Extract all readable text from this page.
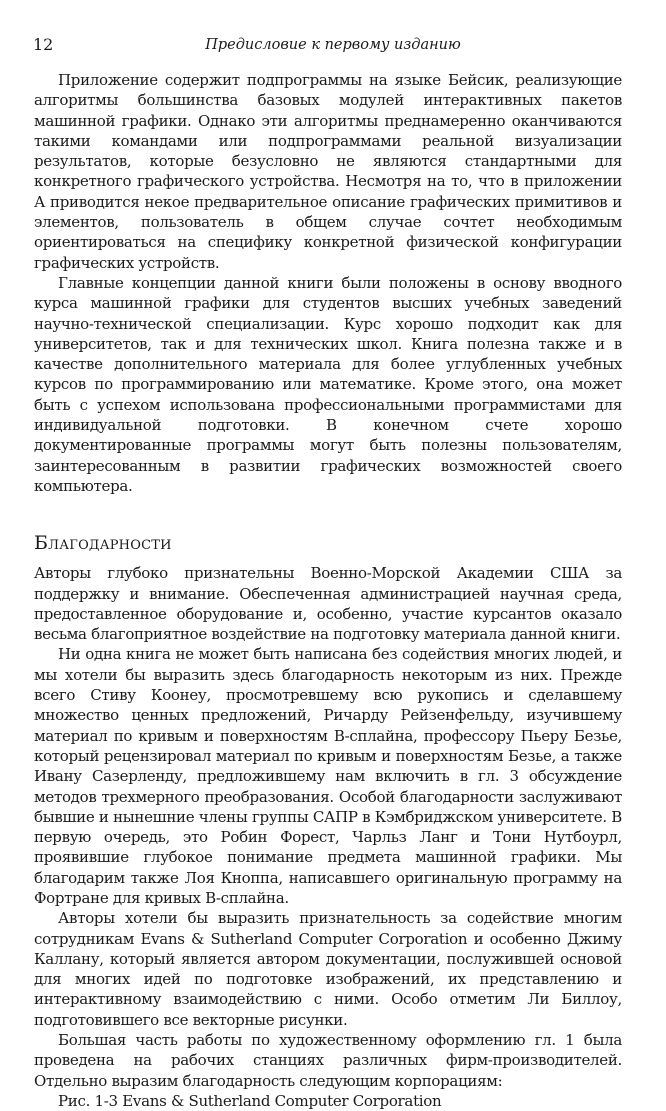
12	Предисловие к первому изданию

Приложение содержит подпрограммы на языке Бейсик, реализующие алгоритмы большинства базовых модулей интерактивных пакетов машинной графики. Однако эти алгоритмы преднамеренно оканчиваются такими командами или подпрограммами реальной визуализации результатов, которые безусловно не являются стандартными для конкретного графического устройства. Несмотря на то, что в приложении А приводится некое предварительное описание графических примитивов и элементов, пользователь в общем случае сочтет необходимым ориентироваться на специфику конкретной физической конфигурации графических устройств.

Главные концепции данной книги были положены в основу вводного курса машинной графики для студентов высших учебных заведений научно-технической специализации. Курс хорошо подходит как для университетов, так и для технических школ. Книга полезна также и в качестве дополнительного материала для более углубленных учебных курсов по программированию или математике. Кроме этого, она может быть с успехом использована профессиональными программистами для индивидуальной подготовки. В конечном счете хорошо документированные программы могут быть полезны пользователям, заинтересованным в развитии графических возможностей своего компьютера.

Благодарности

Авторы глубоко признательны Военно-Морской Академии США за поддержку и внимание. Обеспеченная администрацией научная среда, предоставленное оборудование и, особенно, участие курсантов оказало весьма благоприятное воздействие на подготовку материала данной книги.

Ни одна книга не может быть написана без содействия многих людей, и мы хотели бы выразить здесь благодарность некоторым из них. Прежде всего Стиву Коонеу, просмотревшему всю рукопись и сделавшему множество ценных предложений, Ричарду Рейзенфельду, изучившему материал по кривым и поверхностям В-сплайна, профессору Пьеру Безье, который рецензировал материал по кривым и поверхностям Безье, а также Ивану Сазерленду, предложившему нам включить в гл. 3 обсуждение методов трехмерного преобразования. Особой благодарности заслуживают бывшие и нынешние члены группы САПР в Кэмбриджском университете. В первую очередь, это Робин Форест, Чарльз Ланг и Тони Нутбоурл, проявившие глубокое понимание предмета машинной графики. Мы благодарим также Лоя Кноппа, написавшего оригинальную программу на Фортране для кривых В-сплайна.

Авторы хотели бы выразить признательность за содействие многим сотрудникам Evans & Sutherland Computer Corporation и особенно Джиму Каллану, который является автором документации, послужившей основой для многих идей по подготовке изображений, их представлению и интерактивному взаимодействию с ними. Особо отметим Ли Биллоу, подготовившего все векторные рисунки.

Большая часть работы по художественному оформлению гл. 1 была проведена на рабочих станциях различных фирм-производителей. Отдельно выразим благодарность следующим корпорациям:

Рис. 1-3 Evans & Sutherland Computer Corporation
